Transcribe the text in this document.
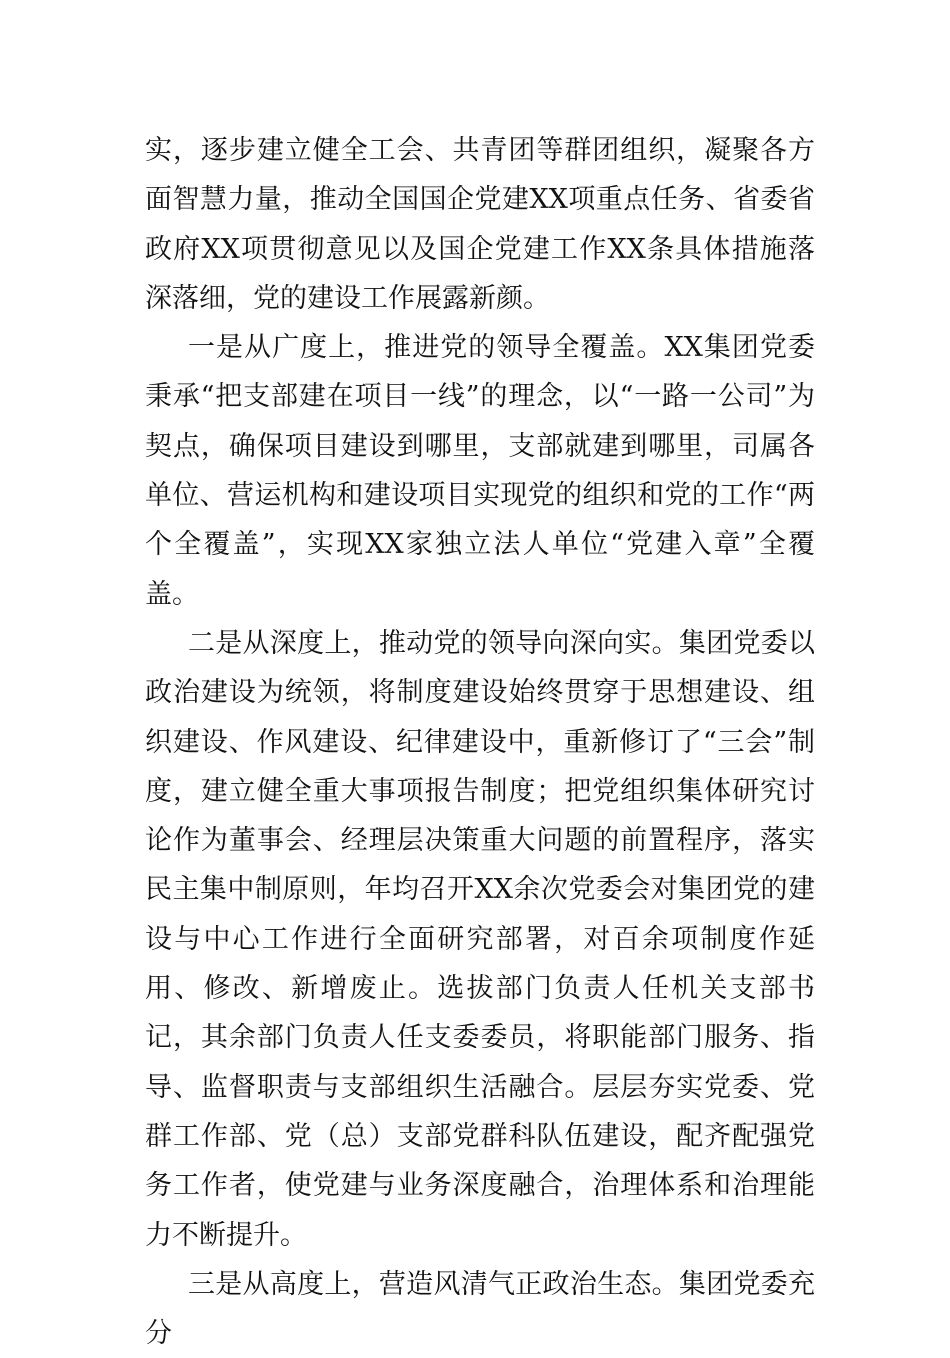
实，逐步建立健全工会、共青团等群团组织，凝聚各方面智慧力量，推动全国国企党建XX项重点任务、省委省政府XX项贯彻意见以及国企党建工作XX条具体措施落深落细，党的建设工作展露新颜。

一是从广度上，推进党的领导全覆盖。XX集团党委秉承“把支部建在项目一线”的理念，以“一路一公司”为契点，确保项目建设到哪里，支部就建到哪里，司属各单位、营运机构和建设项目实现党的组织和党的工作“两个全覆盖”，实现XX家独立法人单位“党建入章”全覆盖。

二是从深度上，推动党的领导向深向实。集团党委以政治建设为统领，将制度建设始终贯穿于思想建设、组织建设、作风建设、纪律建设中，重新修订了“三会”制度，建立健全重大事项报告制度；把党组织集体研究讨论作为董事会、经理层决策重大问题的前置程序，落实民主集中制原则，年均召开XX余次党委会对集团党的建设与中心工作进行全面研究部署，对百余项制度作延用、修改、新增废止。选拔部门负责人任机关支部书记，其余部门负责人任支委委员，将职能部门服务、指导、监督职责与支部组织生活融合。层层夯实党委、党群工作部、党（总）支部党群科队伍建设，配齐配强党务工作者，使党建与业务深度融合，治理体系和治理能力不断提升。

三是从高度上，营造风清气正政治生态。集团党委充分
